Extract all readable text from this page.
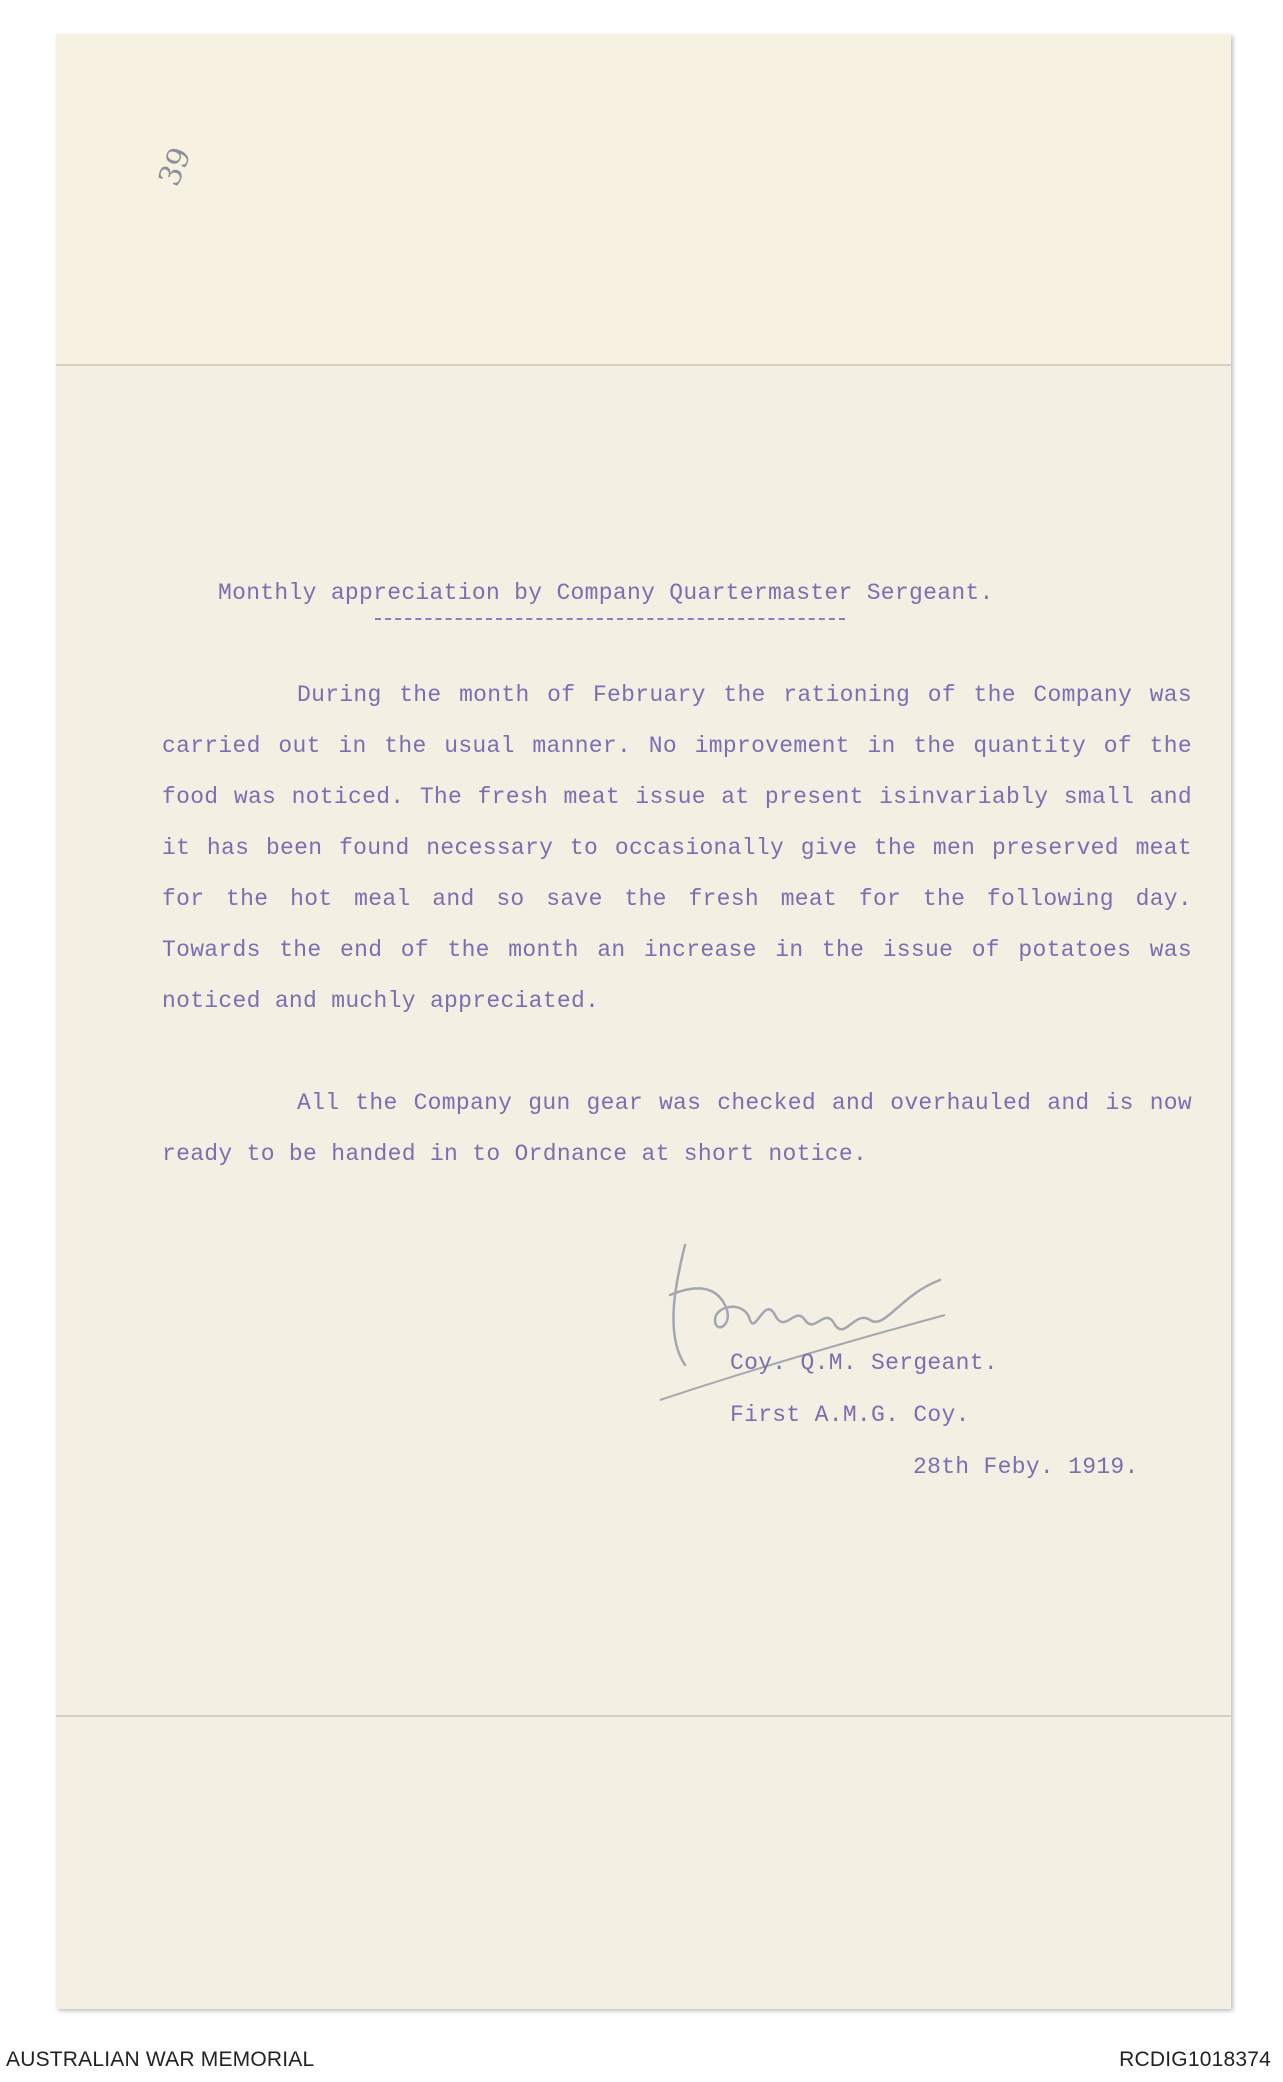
39
Monthly appreciation by Company Quartermaster Sergeant.
During the month of February the rationing of the Company was carried out in the usual manner. No improvement in the quantity of the food was noticed. The fresh meat issue at present isinvariably small and it has been found necessary to occasionally give the men preserved meat for the hot meal and so save the fresh meat for the following day. Towards the end of the month an increase in the issue of potatoes was noticed and muchly appreciated.
All the Company gun gear was checked and overhauled and is now ready to be handed in to Ordnance at short notice.
Coy. Q.M. Sergeant.
First A.M.G. Coy.
28th Feby. 1919.
AUSTRALIAN WAR MEMORIAL	RCDIG1018374
